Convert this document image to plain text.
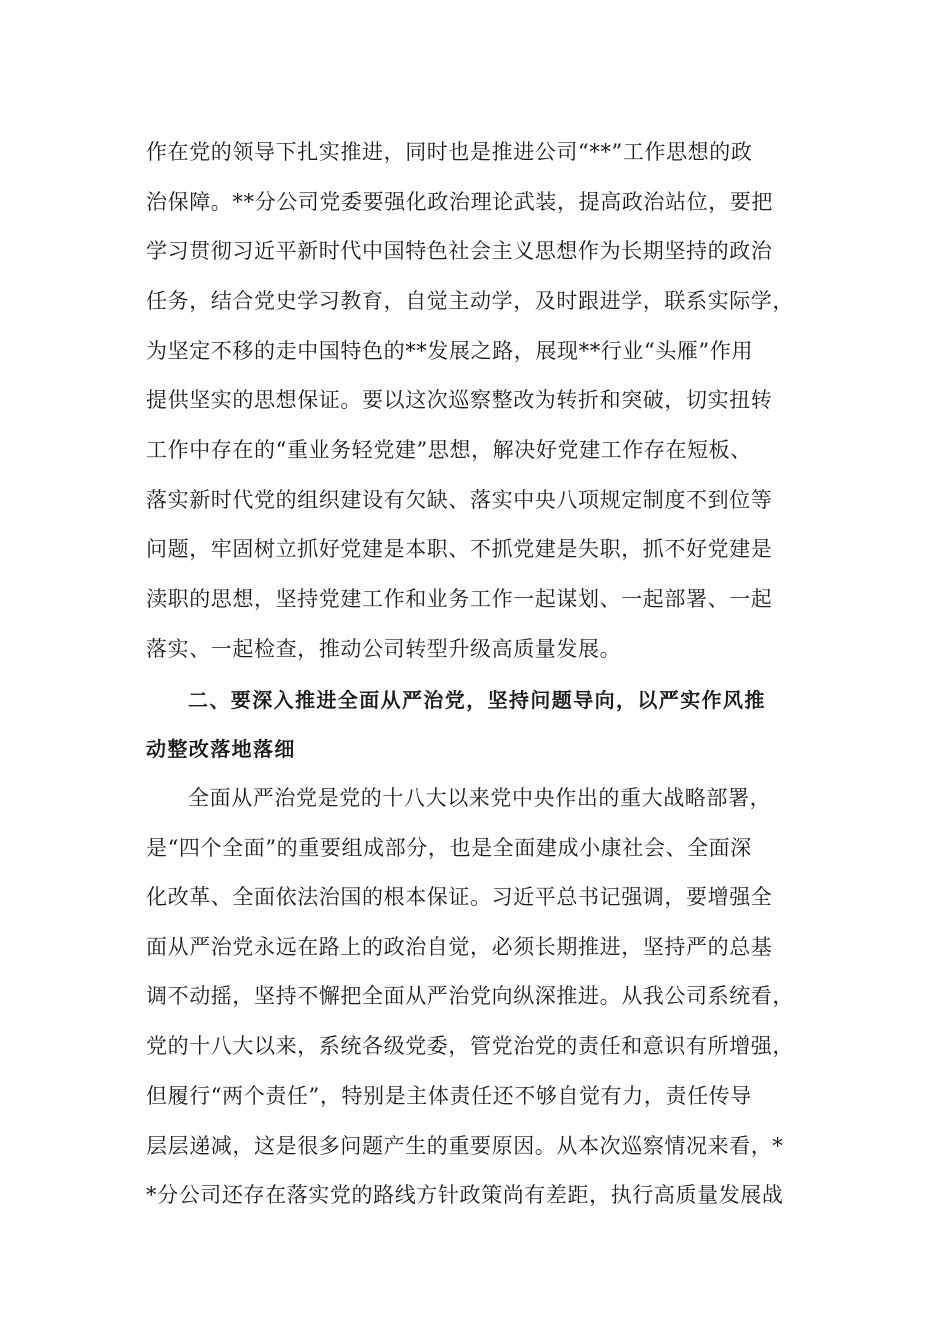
作在党的领导下扎实推进，同时也是推进公司“**”工作思想的政
治保障。**分公司党委要强化政治理论武装，提高政治站位，要把
学习贯彻习近平新时代中国特色社会主义思想作为长期坚持的政治
任务，结合党史学习教育，自觉主动学，及时跟进学，联系实际学，
为坚定不移的走中国特色的**发展之路，展现**行业“头雁”作用
提供坚实的思想保证。要以这次巡察整改为转折和突破，切实扭转
工作中存在的“重业务轻党建”思想，解决好党建工作存在短板、
落实新时代党的组织建设有欠缺、落实中央八项规定制度不到位等
问题，牢固树立抓好党建是本职、不抓党建是失职，抓不好党建是
渎职的思想，坚持党建工作和业务工作一起谋划、一起部署、一起
落实、一起检查，推动公司转型升级高质量发展。
二、要深入推进全面从严治党，坚持问题导向，以严实作风推
动整改落地落细
全面从严治党是党的十八大以来党中央作出的重大战略部署，
是“四个全面”的重要组成部分，也是全面建成小康社会、全面深
化改革、全面依法治国的根本保证。习近平总书记强调，要增强全
面从严治党永远在路上的政治自觉，必须长期推进，坚持严的总基
调不动摇，坚持不懈把全面从严治党向纵深推进。从我公司系统看，
党的十八大以来，系统各级党委，管党治党的责任和意识有所增强，
但履行“两个责任”，特别是主体责任还不够自觉有力，责任传导
层层递减，这是很多问题产生的重要原因。从本次巡察情况来看，*
*分公司还存在落实党的路线方针政策尚有差距，执行高质量发展战
